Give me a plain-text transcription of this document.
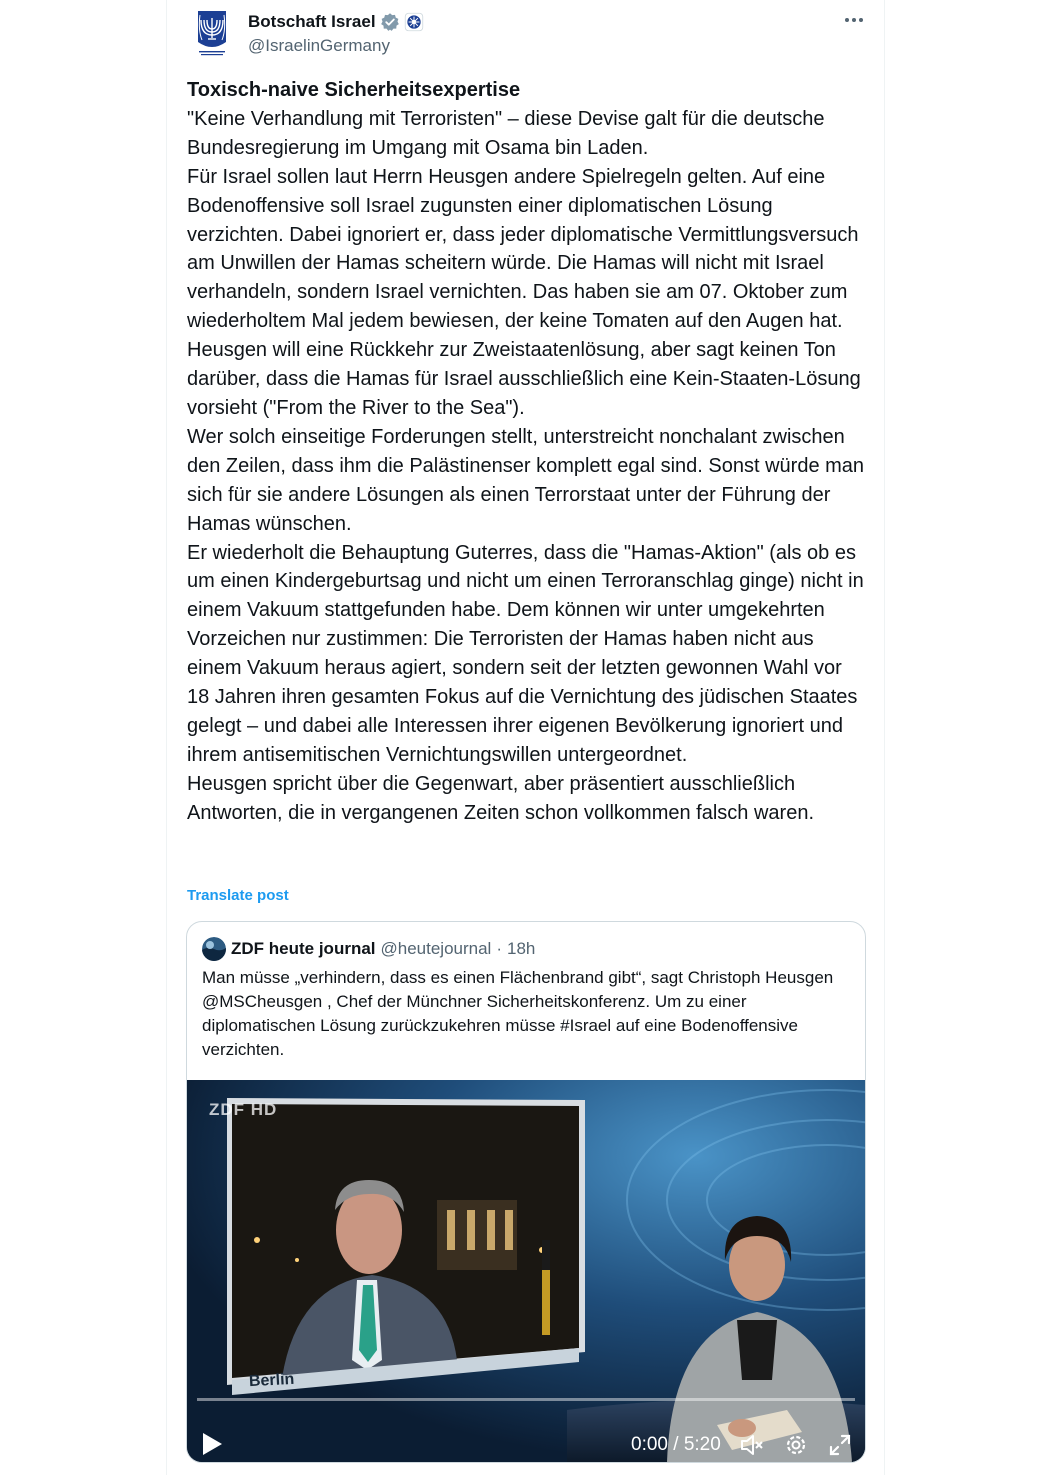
Botschaft Israel
@IsraelinGermany
Toxisch-naive Sicherheitsexpertise
"Keine Verhandlung mit Terroristen" – diese Devise galt für die deutsche Bundesregierung im Umgang mit Osama bin Laden.
Für Israel sollen laut Herrn Heusgen andere Spielregeln gelten. Auf eine Bodenoffensive soll Israel zugunsten einer diplomatischen Lösung verzichten. Dabei ignoriert er, dass jeder diplomatische Vermittlungsversuch am Unwillen der Hamas scheitern würde. Die Hamas will nicht mit Israel verhandeln, sondern Israel vernichten. Das haben sie am 07. Oktober zum wiederholtem Mal jedem bewiesen, der keine Tomaten auf den Augen hat.
Heusgen will eine Rückkehr zur Zweistaatenlösung, aber sagt keinen Ton darüber, dass die Hamas für Israel ausschließlich eine Kein-Staaten-Lösung vorsieht ("From the River to the Sea").
Wer solch einseitige Forderungen stellt, unterstreicht nonchalant zwischen den Zeilen, dass ihm die Palästinenser komplett egal sind. Sonst würde man sich für sie andere Lösungen als einen Terrorstaat unter der Führung der Hamas wünschen.
Er wiederholt die Behauptung Guterres, dass die "Hamas-Aktion" (als ob es um einen Kindergeburtsag und nicht um einen Terroranschlag ginge) nicht in einem Vakuum stattgefunden habe. Dem können wir unter umgekehrten Vorzeichen nur zustimmen: Die Terroristen der Hamas haben nicht aus einem Vakuum heraus agiert, sondern seit der letzten gewonnen Wahl vor 18 Jahren ihren gesamten Fokus auf die Vernichtung des jüdischen Staates gelegt – und dabei alle Interessen ihrer eigenen Bevölkerung ignoriert und ihrem antisemitischen Vernichtungswillen untergeordnet.
Heusgen spricht über die Gegenwart, aber präsentiert ausschließlich Antworten, die in vergangenen Zeiten schon vollkommen falsch waren.
Translate post
ZDF heute journal @heutejournal · 18h
Man müsse „verhindern, dass es einen Flächenbrand gibt“, sagt Christoph Heusgen @MSCheusgen , Chef der Münchner Sicherheitskonferenz. Um zu einer diplomatischen Lösung zurückzukehren müsse #Israel auf eine Bodenoffensive verzichten.
ZDF HD
Berlin
0:00 / 5:20
